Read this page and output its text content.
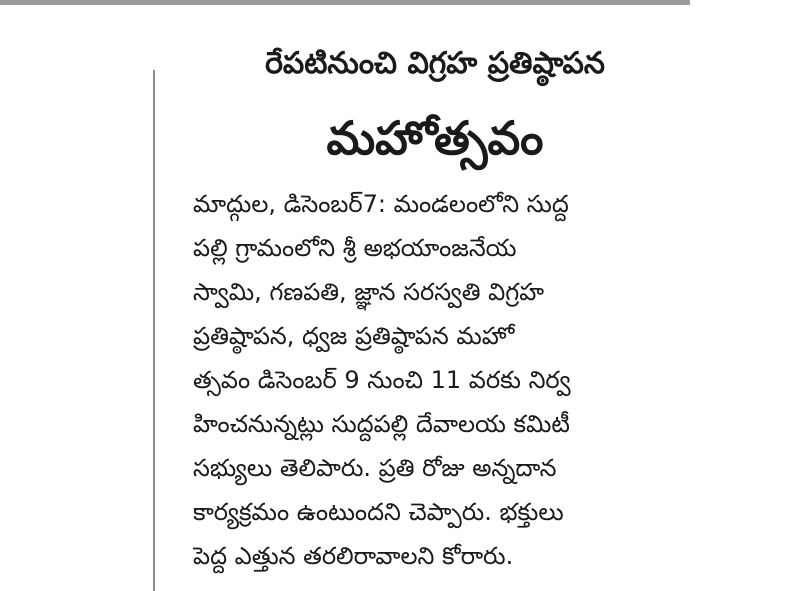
రేపటినుంచి విగ్రహ ప్రతిష్ఠాపన
మహోత్సవం
మాద్గుల, డిసెంబర్7: మండలంలోని సుద్ద
పల్లి గ్రామంలోని శ్రీ అభయాంజనేయ
స్వామి, గణపతి, జ్ఞాన సరస్వతి విగ్రహ
ప్రతిష్ఠాపన, ధ్వజ ప్రతిష్ఠాపన మహో
త్సవం డిసెంబర్ 9 నుంచి 11 వరకు నిర్వ
హించనున్నట్లు సుద్దపల్లి దేవాలయ కమిటీ
సభ్యులు తెలిపారు. ప్రతి రోజు అన్నదాన
కార్యక్రమం ఉంటుందని చెప్పారు. భక్తులు
పెద్ద ఎత్తున తరలిరావాలని కోరారు.
